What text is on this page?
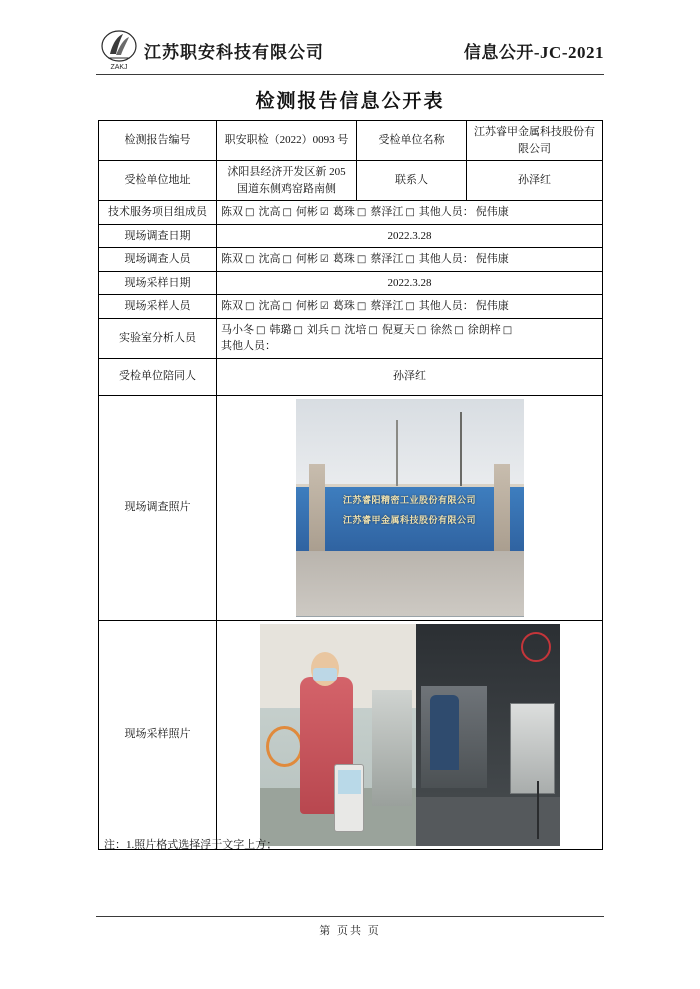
ZAKJ
江苏职安科技有限公司	信息公开-JC-2021
检测报告信息公开表
检测报告编号	职安职检（2022）0093 号	受检单位名称	江苏睿甲金属科技股份有限公司
受检单位地址	沭阳县经济开发区新 205 国道东侧鸡窑路南侧	联系人	孙泽红
技术服务项目组成员	陈双 □ 沈高 □ 何彬 ☑ 葛珠 □ 蔡泽江 □ 其他人员： 倪伟康		
现场调查日期	2022.3.28		
现场调查人员	陈双 □ 沈高 □ 何彬 ☑ 葛珠 □ 蔡泽江 □ 其他人员： 倪伟康		
现场采样日期	2022.3.28		
现场采样人员	陈双 □ 沈高 □ 何彬 ☑ 葛珠 □ 蔡泽江 □ 其他人员： 倪伟康		
实验室分析人员	马小冬 □ 韩璐 □ 刘兵 □ 沈培 □ 倪夏天 □ 徐然 □ 徐朗梓 □
其他人员：		

受检单位陪同人	孙泽红		
现场调查照片	江苏睿阳精密工业股份有限公司
江苏睿甲金属科技股份有限公司		

现场采样照片			
注：1.照片格式选择浮于文字上方；
第 页共 页
